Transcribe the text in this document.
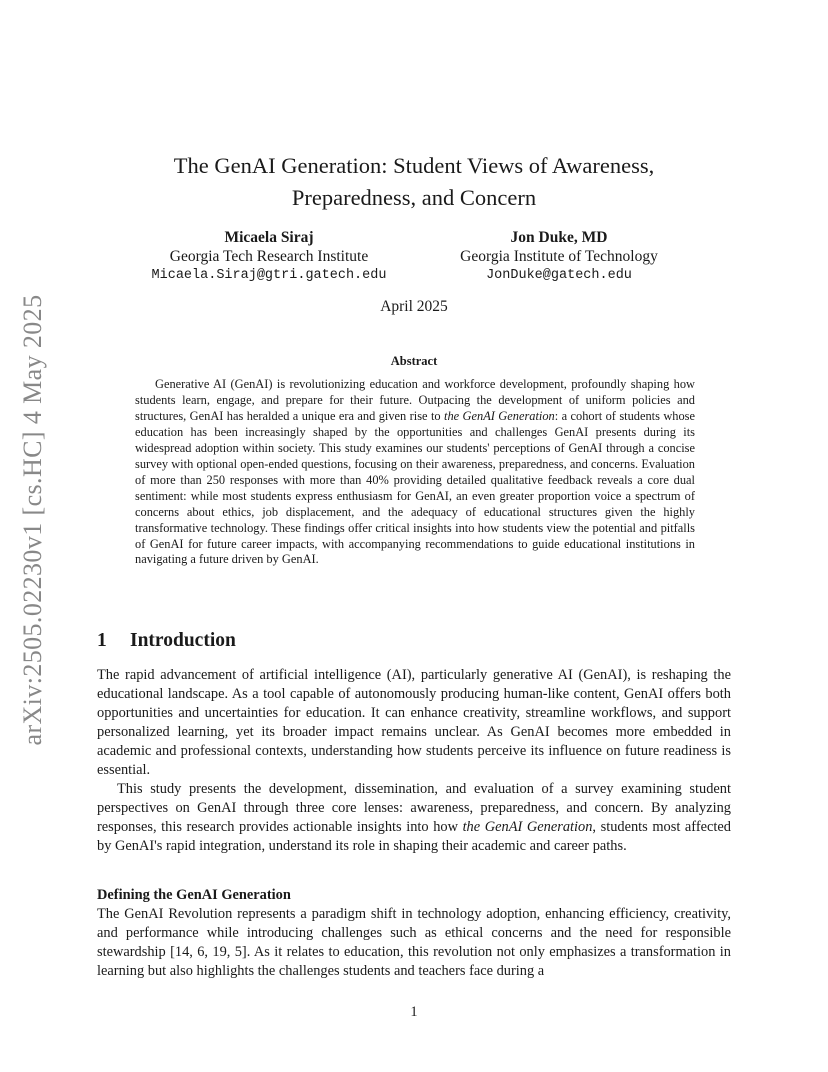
arXiv:2505.02230v1 [cs.HC] 4 May 2025
The GenAI Generation: Student Views of Awareness,
Preparedness, and Concern
Micaela Siraj
Georgia Tech Research Institute
Micaela.Siraj@gtri.gatech.edu
Jon Duke, MD
Georgia Institute of Technology
JonDuke@gatech.edu
April 2025
Abstract

Generative AI (GenAI) is revolutionizing education and workforce development, profoundly shaping how students learn, engage, and prepare for their future. Outpacing the development of uniform policies and structures, GenAI has heralded a unique era and given rise to the GenAI Generation: a cohort of students whose education has been increasingly shaped by the opportunities and challenges GenAI presents during its widespread adoption within society. This study examines our students' perceptions of GenAI through a concise survey with optional open-ended questions, focusing on their awareness, preparedness, and concerns. Evaluation of more than 250 responses with more than 40% providing detailed qualitative feedback reveals a core dual sentiment: while most students express enthusiasm for GenAI, an even greater proportion voice a spectrum of concerns about ethics, job displacement, and the adequacy of educational structures given the highly transformative technology. These findings offer critical insights into how students view the potential and pitfalls of GenAI for future career impacts, with accompanying recommendations to guide educational institutions in navigating a future driven by GenAI.

1 Introduction

The rapid advancement of artificial intelligence (AI), particularly generative AI (GenAI), is reshaping the educational landscape. As a tool capable of autonomously producing human-like content, GenAI offers both opportunities and uncertainties for education. It can enhance creativity, streamline workflows, and support personalized learning, yet its broader impact remains unclear. As GenAI becomes more embedded in academic and professional contexts, understanding how students perceive its influence on future readiness is essential.

This study presents the development, dissemination, and evaluation of a survey examining student perspectives on GenAI through three core lenses: awareness, preparedness, and concern. By analyzing responses, this research provides actionable insights into how the GenAI Generation, students most affected by GenAI's rapid integration, understand its role in shaping their academic and career paths.

Defining the GenAI Generation

The GenAI Revolution represents a paradigm shift in technology adoption, enhancing efficiency, creativity, and performance while introducing challenges such as ethical concerns and the need for responsible stewardship [14, 6, 19, 5]. As it relates to education, this revolution not only emphasizes a transformation in learning but also highlights the challenges students and teachers face during a

1
